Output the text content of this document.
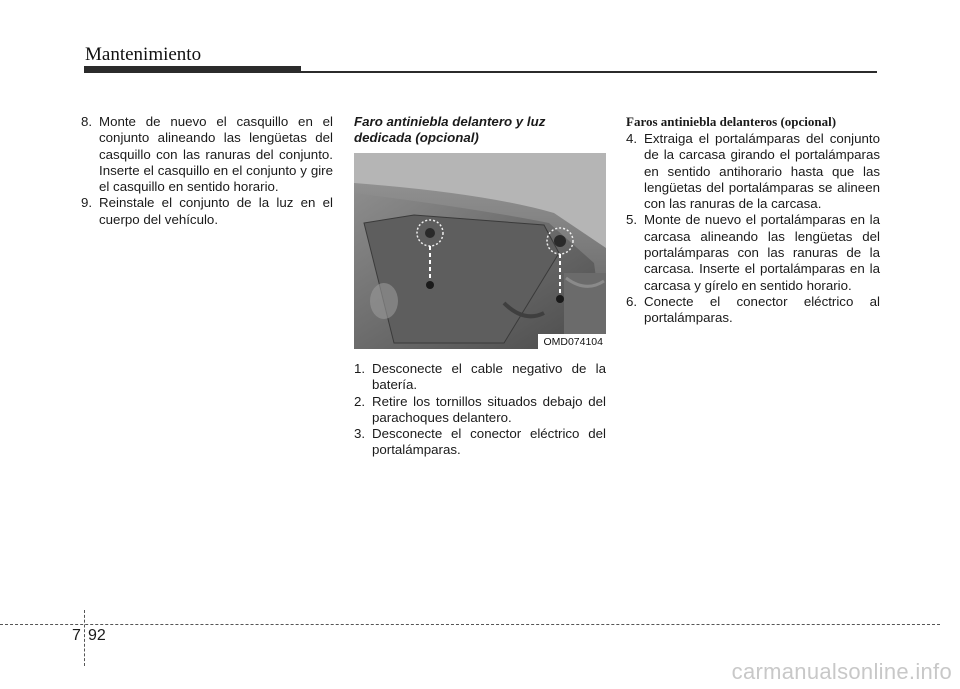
Mantenimiento
8. Monte de nuevo el casquillo en el conjunto alineando las lengüetas del casquillo con las ranuras del conjunto. Inserte el casquillo en el conjunto y gire el casquillo en sentido horario.
9. Reinstale el conjunto de la luz en el cuerpo del vehículo.
Faro antiniebla delantero y luz dedicada (opcional)
OMD074104
1. Desconecte el cable negativo de la batería.
2. Retire los tornillos situados debajo del parachoques delantero.
3. Desconecte el conector eléctrico del portalámparas.
Faros antiniebla delanteros (opcional)
4. Extraiga el portalámparas del conjunto de la carcasa girando el portalámparas en sentido antihorario hasta que las lengüetas del portalámparas se alineen con las ranuras de la carcasa.
5. Monte de nuevo el portalámparas en la carcasa alineando las lengüetas del portalámparas con las ranuras de la carcasa. Inserte el portalámparas en la carcasa y gírelo en sentido horario.
6. Conecte el conector eléctrico al portalámparas.
7 92
carmanualsonline.info
